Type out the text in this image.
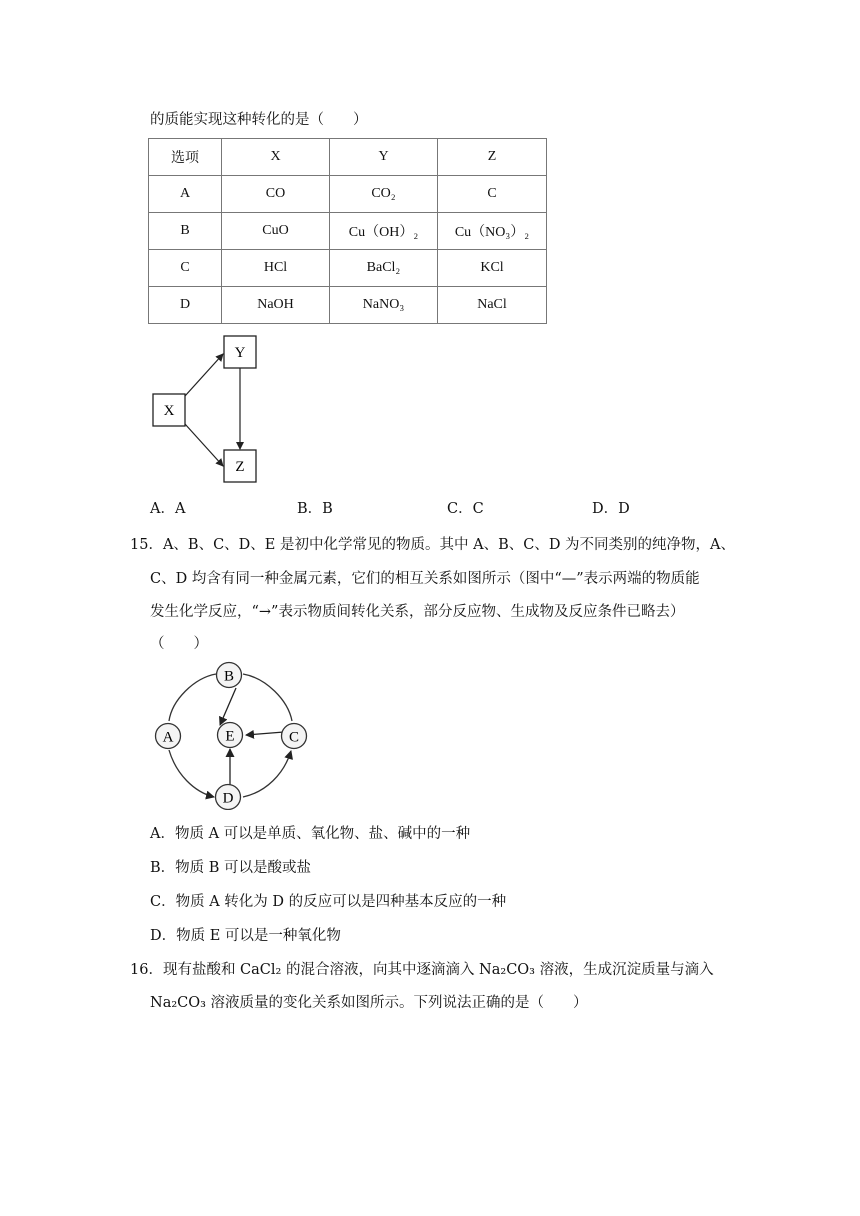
的质能实现这种转化的是（　　）
选项	X	Y	Z
A	CO	CO₂	C
B	CuO	Cu（OH）₂	Cu（NO₃）₂
C	HCl	BaCl₂	KCl
D	NaOH	NaNO₃	NaCl
Y
X
Z
A．A	B．B	C．C	D．D
15．A、B、C、D、E 是初中化学常见的物质。其中 A、B、C、D 为不同类别的纯净物，A、
C、D 均含有同一种金属元素，它们的相互关系如图所示（图中“—”表示两端的物质能
发生化学反应，“→”表示物质间转化关系，部分反应物、生成物及反应条件已略去）
（　　）
B
A	E	C
D
A．物质 A 可以是单质、氧化物、盐、碱中的一种
B．物质 B 可以是酸或盐
C．物质 A 转化为 D 的反应可以是四种基本反应的一种
D．物质 E 可以是一种氧化物
16．现有盐酸和 CaCl₂ 的混合溶液，向其中逐滴滴入 Na₂CO₃ 溶液，生成沉淀质量与滴入
Na₂CO₃ 溶液质量的变化关系如图所示。下列说法正确的是（　　）
